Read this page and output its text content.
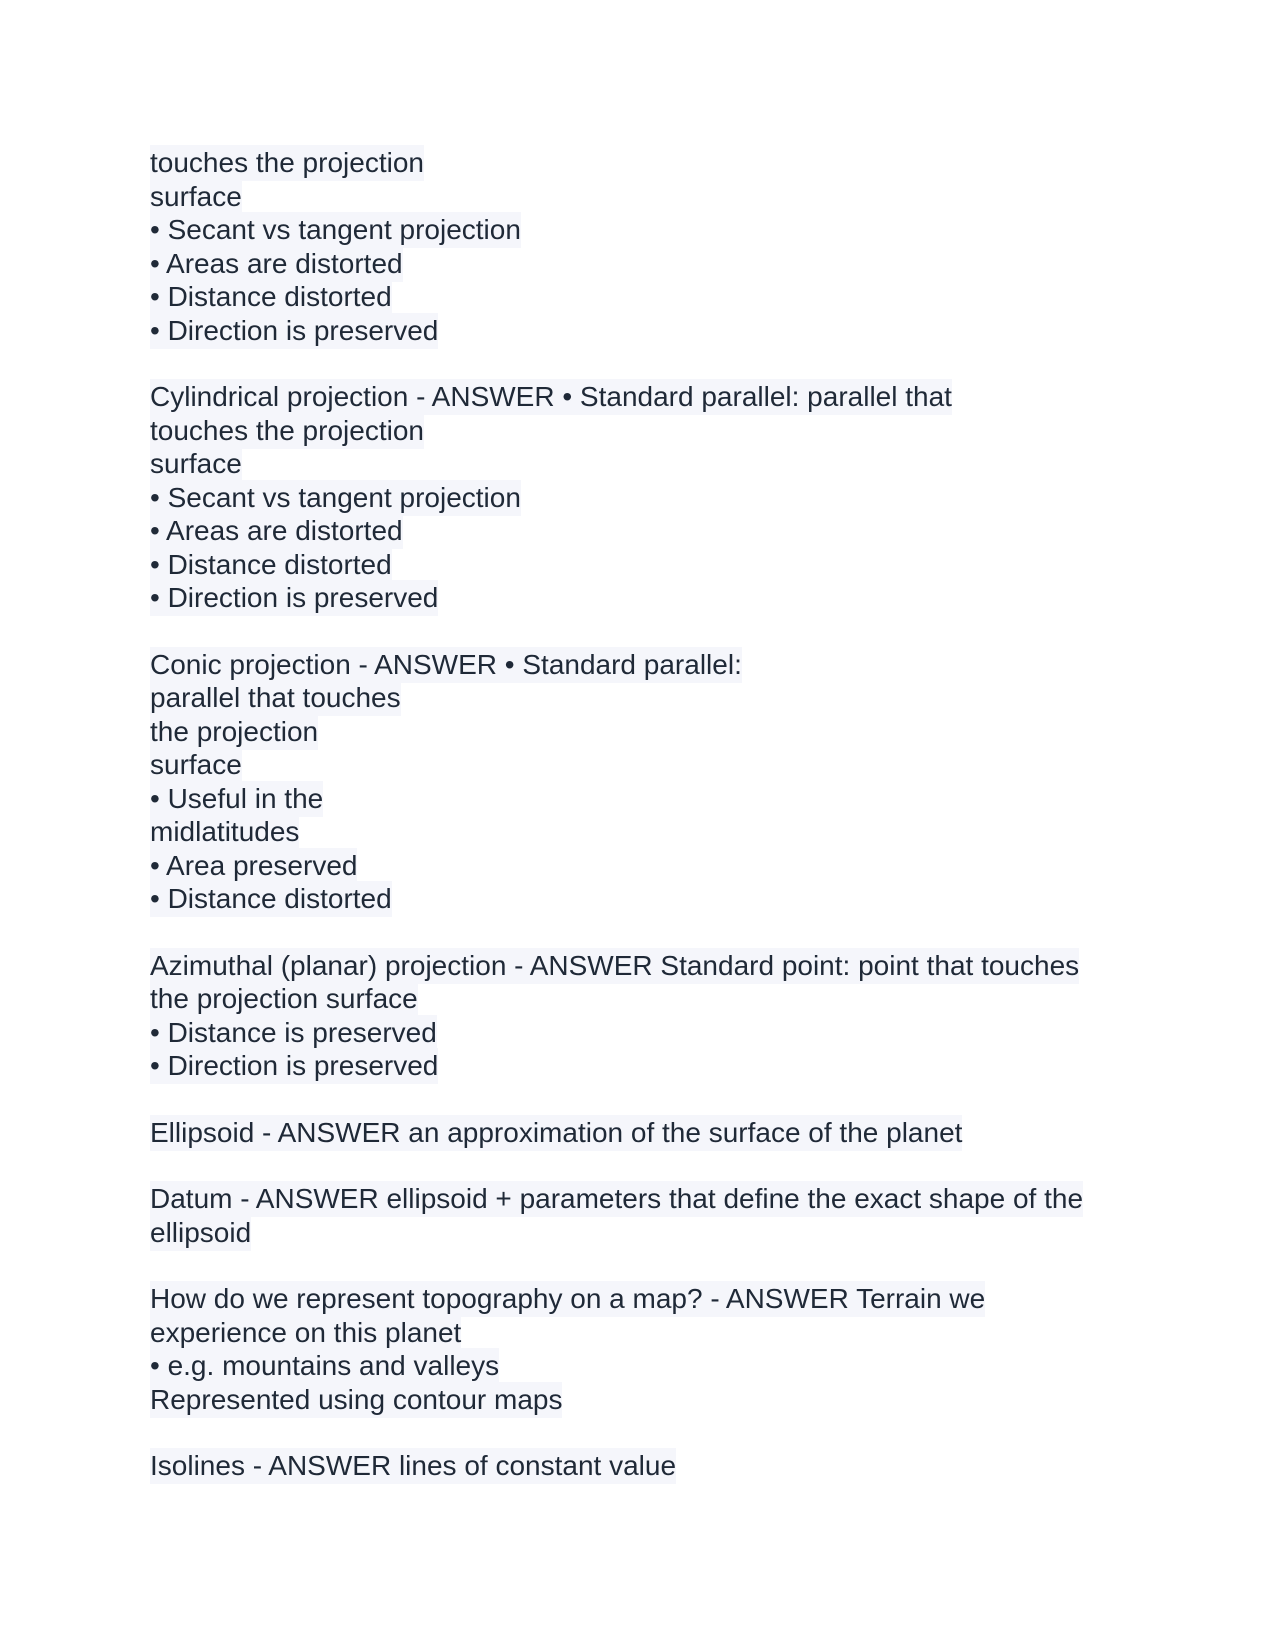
touches the projection
surface
• Secant vs tangent projection
• Areas are distorted
• Distance distorted
• Direction is preserved
Cylindrical projection - ANSWER • Standard parallel: parallel that
touches the projection
surface
• Secant vs tangent projection
• Areas are distorted
• Distance distorted
• Direction is preserved
Conic projection - ANSWER • Standard parallel:
parallel that touches
the projection
surface
• Useful in the
midlatitudes
• Area preserved
• Distance distorted
Azimuthal (planar) projection - ANSWER Standard point: point that touches
the projection surface
• Distance is preserved
• Direction is preserved
Ellipsoid - ANSWER an approximation of the surface of the planet
Datum - ANSWER ellipsoid + parameters that define the exact shape of the
ellipsoid
How do we represent topography on a map? - ANSWER Terrain we
experience on this planet
• e.g. mountains and valleys
Represented using contour maps
Isolines - ANSWER lines of constant value
